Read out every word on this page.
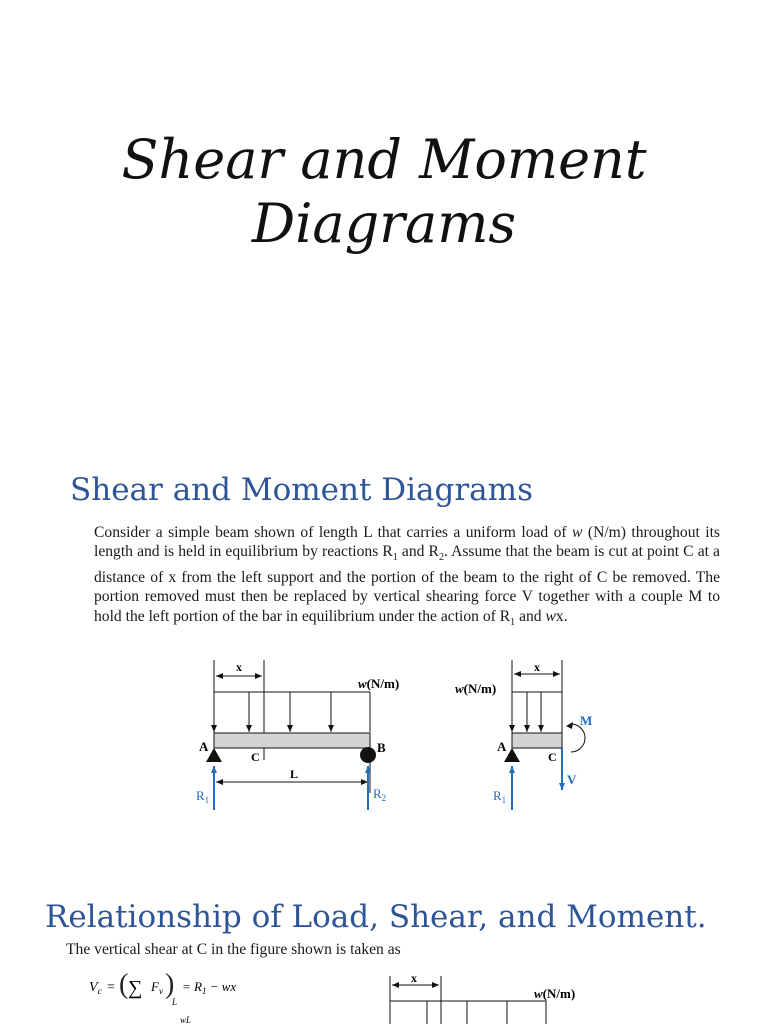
Shear and Moment
Diagrams
Shear and Moment Diagrams
Consider a simple beam shown of length L that carries a uniform load of w (N/m) throughout its length and is held in equilibrium by reactions $R_1$ and $R_2$. Assume that the beam is cut at point C at a distance of x from the left support and the portion of the beam to the right of C be removed. The portion removed must then be replaced by vertical shearing force V together with a couple M to hold the left portion of the bar in equilibrium under the action of $R_1$ and wx.
x
w(N/m)
A	B
C
L
$R_1$	$R_2$
x
w(N/m)
A
C
M
V
$R_1$
Relationship of Load, Shear, and Moment.
The vertical shear at C in the figure shown is taken as
$V_c$ = ( ∑ $F_v$ )
L
= $R_1$ − wx
wL
x
w(N/m)
